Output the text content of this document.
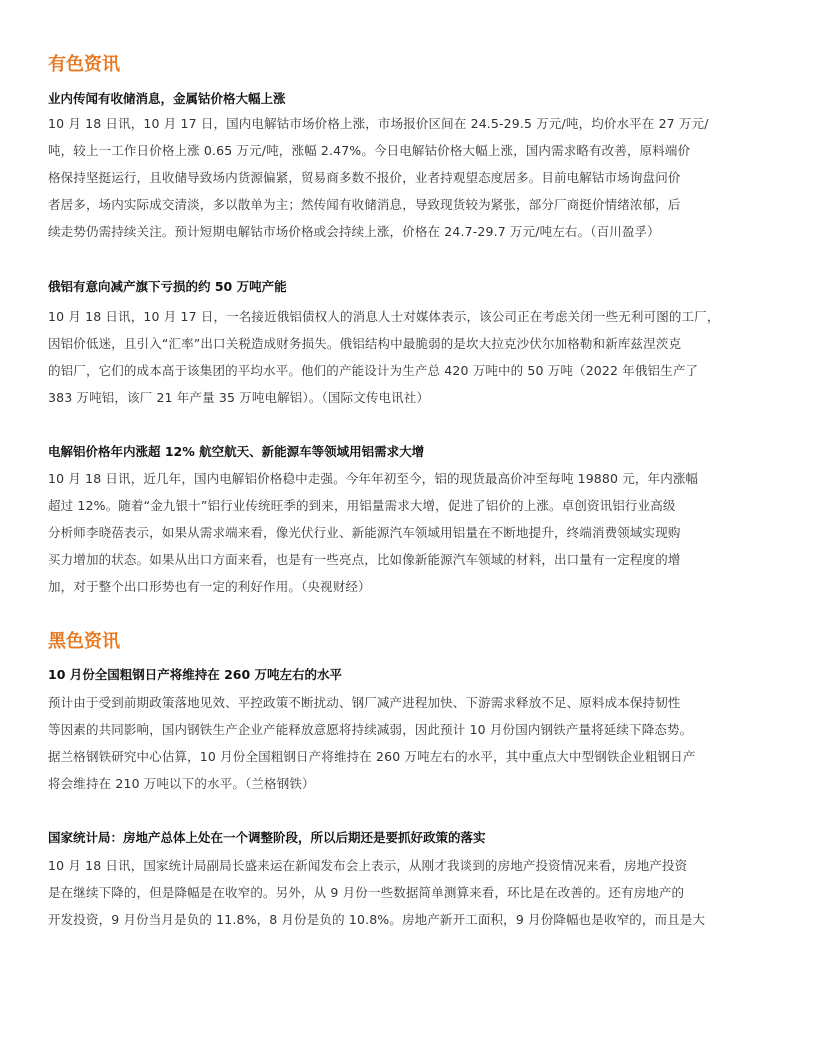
有色资讯
业内传闻有收储消息，金属钴价格大幅上涨
10 月 18 日讯，10 月 17 日，国内电解钴市场价格上涨，市场报价区间在 24.5-29.5 万元/吨，均价水平在 27 万元/
吨，较上一工作日价格上涨 0.65 万元/吨，涨幅 2.47%。今日电解钴价格大幅上涨，国内需求略有改善，原料端价
格保持坚挺运行，且收储导致场内货源偏紧，贸易商多数不报价，业者持观望态度居多。目前电解钴市场询盘问价
者居多，场内实际成交清淡，多以散单为主；然传闻有收储消息，导致现货较为紧张，部分厂商挺价情绪浓郁，后
续走势仍需持续关注。预计短期电解钴市场价格或会持续上涨，价格在 24.7-29.7 万元/吨左右。（百川盈孚）
俄铝有意向减产旗下亏损的约 50 万吨产能
10 月 18 日讯，10 月 17 日，一名接近俄铝债权人的消息人士对媒体表示，该公司正在考虑关闭一些无利可图的工厂，
因铝价低迷，且引入“汇率”出口关税造成财务损失。俄铝结构中最脆弱的是坎大拉克沙伏尔加格勒和新库兹涅茨克
的铝厂，它们的成本高于该集团的平均水平。他们的产能设计为生产总 420 万吨中的 50 万吨（2022 年俄铝生产了
383 万吨铝，该厂 21 年产量 35 万吨电解铝）。（国际文传电讯社）
电解铝价格年内涨超 12% 航空航天、新能源车等领域用铝需求大增
10 月 18 日讯，近几年，国内电解铝价格稳中走强。今年年初至今，铝的现货最高价冲至每吨 19880 元，年内涨幅
超过 12%。随着“金九银十”铝行业传统旺季的到来，用铝量需求大增，促进了铝价的上涨。卓创资讯铝行业高级
分析师李晓蓓表示，如果从需求端来看，像光伏行业、新能源汽车领域用铝量在不断地提升，终端消费领域实现购
买力增加的状态。如果从出口方面来看，也是有一些亮点，比如像新能源汽车领域的材料，出口量有一定程度的增
加，对于整个出口形势也有一定的利好作用。（央视财经）
黑色资讯
10 月份全国粗钢日产将维持在 260 万吨左右的水平
预计由于受到前期政策落地见效、平控政策不断扰动、钢厂减产进程加快、下游需求释放不足、原料成本保持韧性
等因素的共同影响，国内钢铁生产企业产能释放意愿将持续减弱，因此预计 10 月份国内钢铁产量将延续下降态势。
据兰格钢铁研究中心估算，10 月份全国粗钢日产将维持在 260 万吨左右的水平，其中重点大中型钢铁企业粗钢日产
将会维持在 210 万吨以下的水平。（兰格钢铁）
国家统计局：房地产总体上处在一个调整阶段，所以后期还是要抓好政策的落实
10 月 18 日讯，国家统计局副局长盛来运在新闻发布会上表示，从刚才我谈到的房地产投资情况来看，房地产投资
是在继续下降的，但是降幅是在收窄的。另外，从 9 月份一些数据简单测算来看，环比是在改善的。还有房地产的
开发投资，9 月份当月是负的 11.8%，8 月份是负的 10.8%。房地产新开工面积，9 月份降幅也是收窄的，而且是大
